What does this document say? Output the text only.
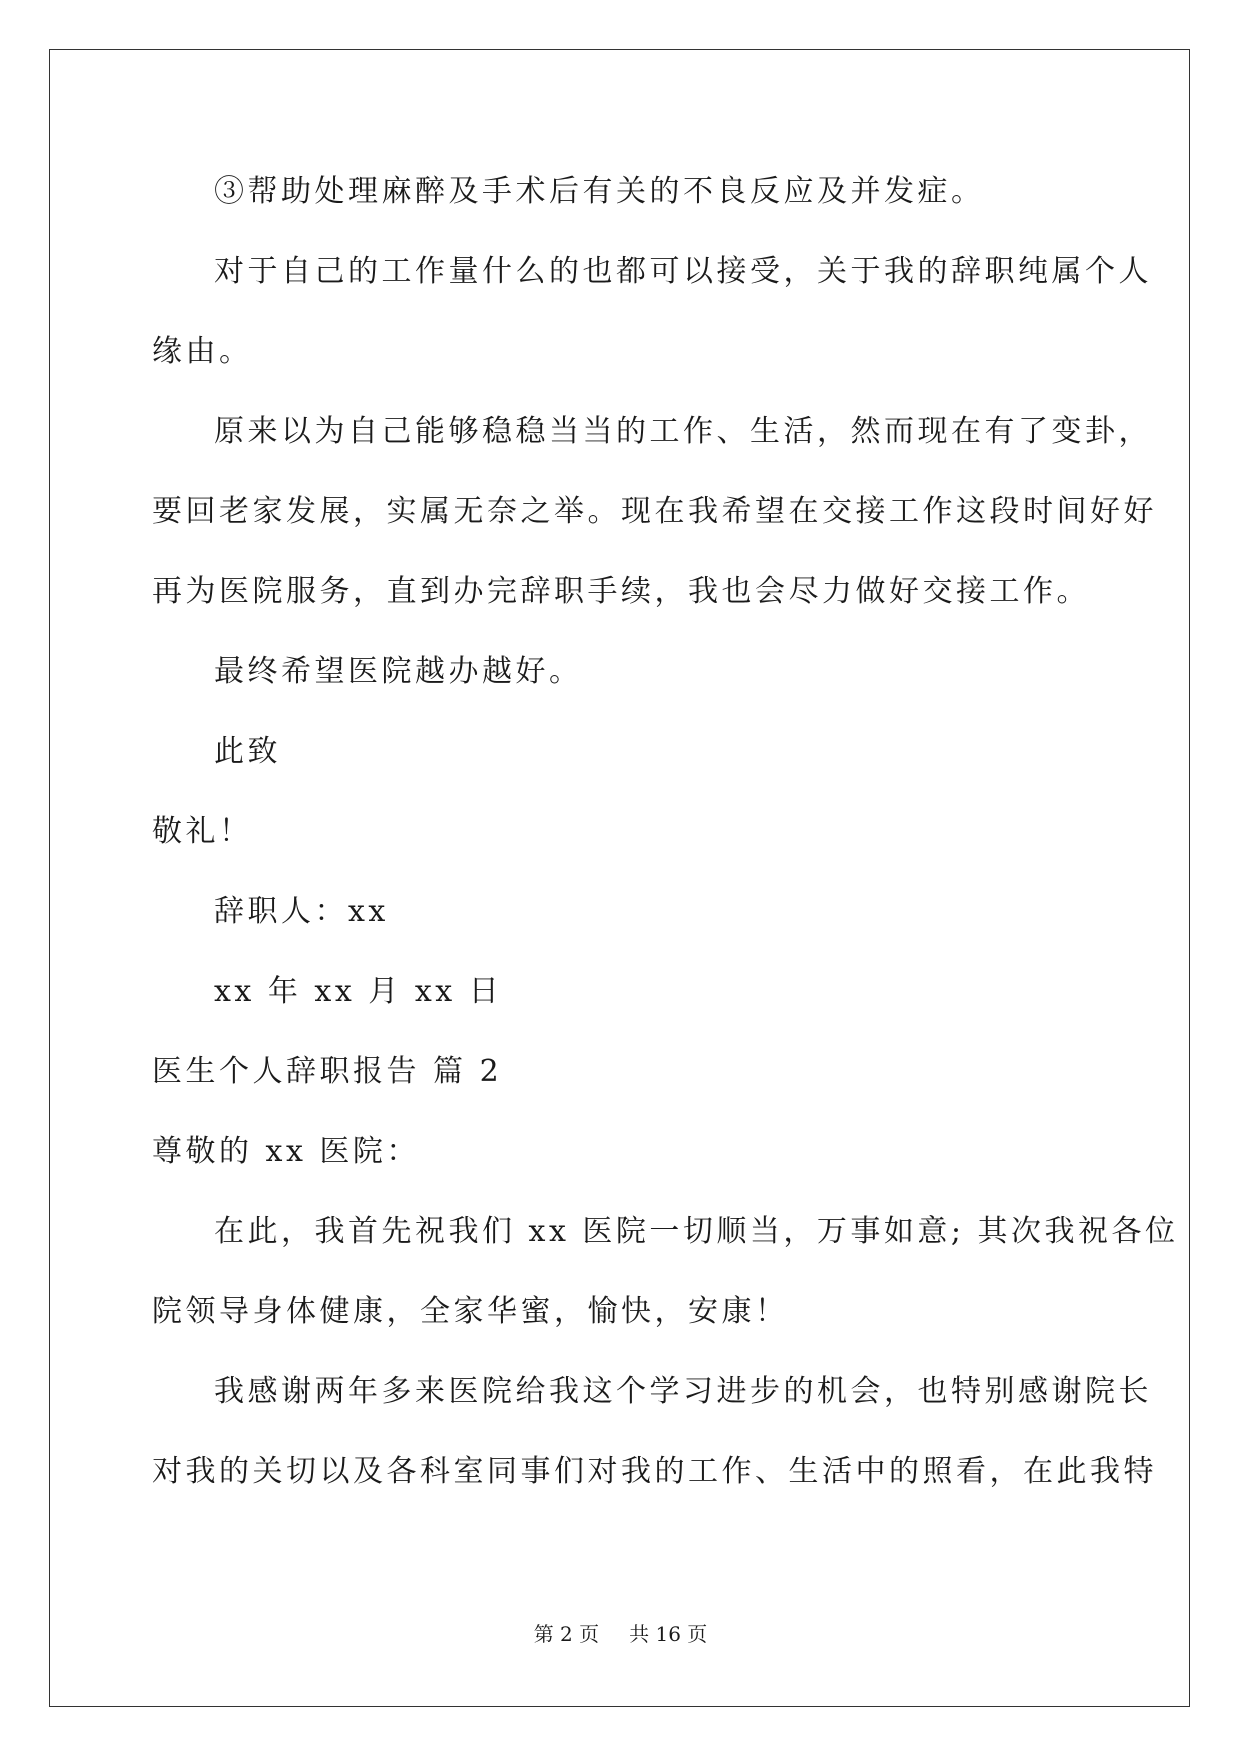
③帮助处理麻醉及手术后有关的不良反应及并发症。
对于自己的工作量什么的也都可以接受，关于我的辞职纯属个人
缘由。
原来以为自己能够稳稳当当的工作、生活，然而现在有了变卦，
要回老家发展，实属无奈之举。现在我希望在交接工作这段时间好好
再为医院服务，直到办完辞职手续，我也会尽力做好交接工作。
最终希望医院越办越好。
此致
敬礼！
辞职人：xx
xx 年 xx 月 xx 日
医生个人辞职报告 篇 2
尊敬的 xx 医院：
在此，我首先祝我们 xx 医院一切顺当，万事如意; 其次我祝各位
院领导身体健康，全家华蜜，愉快，安康！
我感谢两年多来医院给我这个学习进步的机会，也特别感谢院长
对我的关切以及各科室同事们对我的工作、生活中的照看，在此我特
第 2 页 共 16 页
